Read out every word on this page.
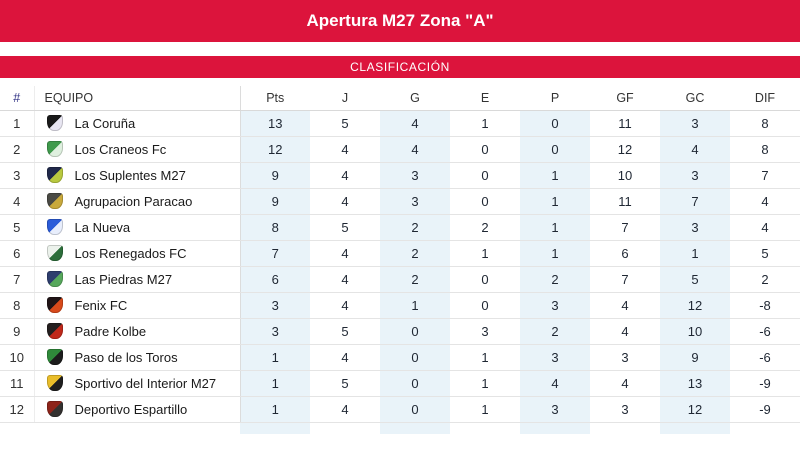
Apertura M27 Zona "A"
CLASIFICACIÓN
#	EQUIPO	Pts	J	G	E	P	GF	GC	DIF
1	La Coruña	13	5	4	1	0	11	3	8
2	Los Craneos Fc	12	4	4	0	0	12	4	8
3	Los Suplentes M27	9	4	3	0	1	10	3	7
4	Agrupacion Paracao	9	4	3	0	1	11	7	4
5	La Nueva	8	5	2	2	1	7	3	4
6	Los Renegados FC	7	4	2	1	1	6	1	5
7	Las Piedras M27	6	4	2	0	2	7	5	2
8	Fenix FC	3	4	1	0	3	4	12	-8
9	Padre Kolbe	3	5	0	3	2	4	10	-6
10	Paso de los Toros	1	4	0	1	3	3	9	-6
11	Sportivo del Interior M27	1	5	0	1	4	4	13	-9
12	Deportivo Espartillo	1	4	0	1	3	3	12	-9
